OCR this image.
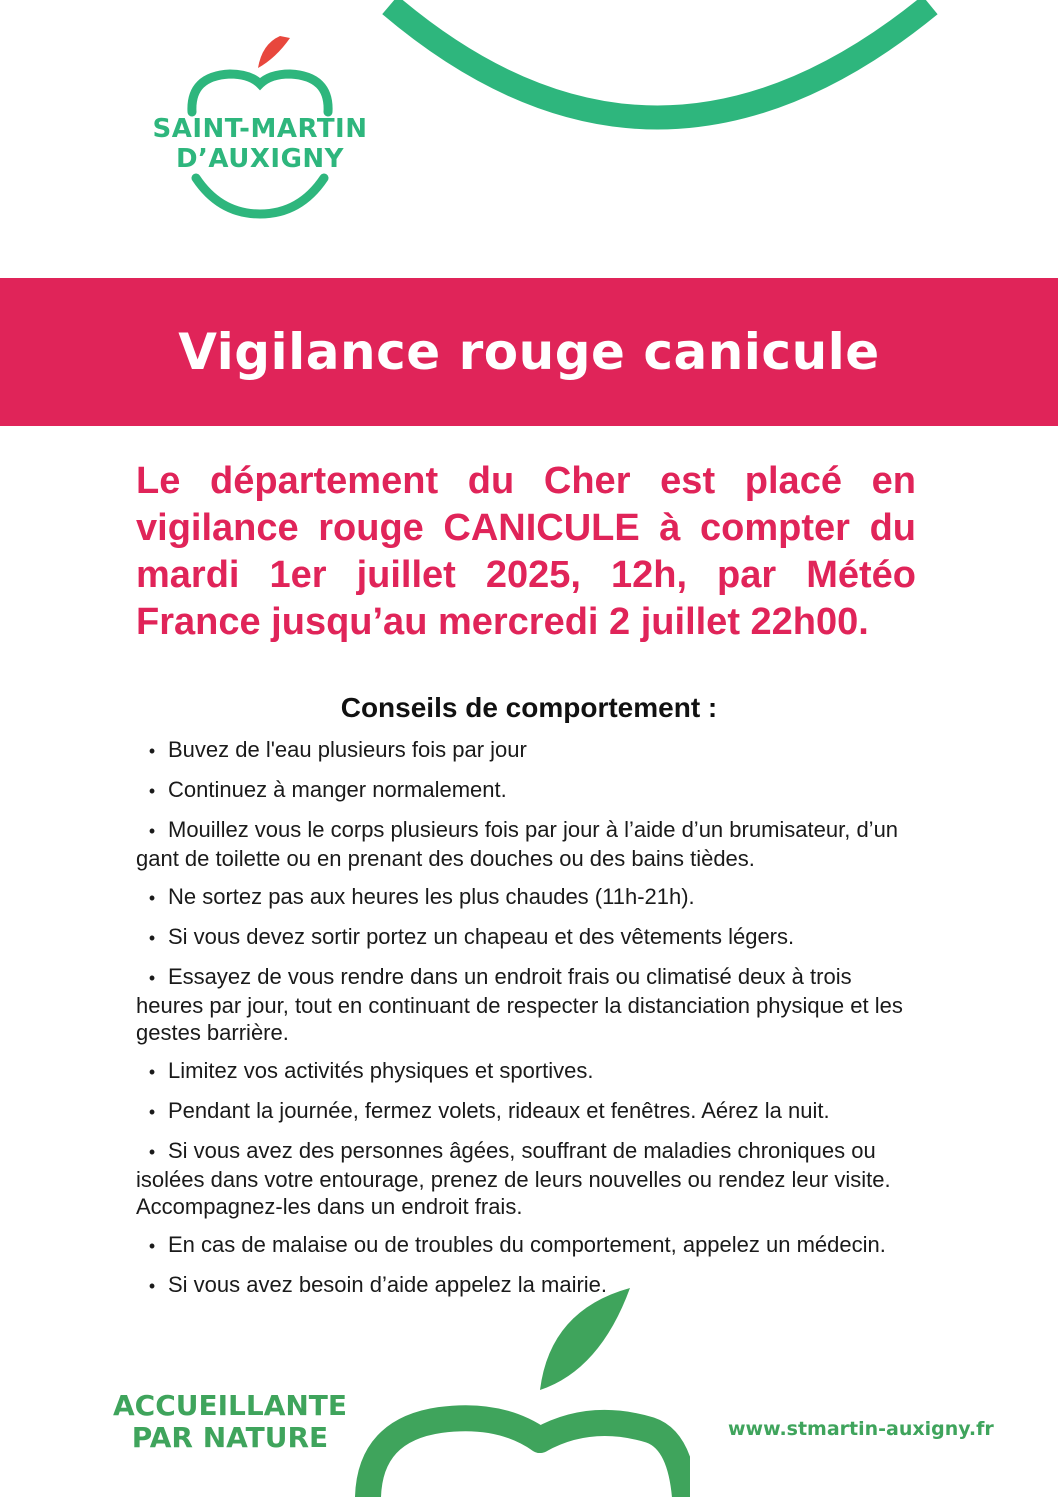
SAINT-MARTIN
D’AUXIGNY
Vigilance rouge canicule
Le département du Cher est placé en vigilance rouge CANICULE à compter du mardi 1er juillet 2025, 12h, par Météo France jusqu’au mercredi 2 juillet 22h00.
Conseils de comportement :
• Buvez de l'eau plusieurs fois par jour
• Continuez à manger normalement.
• Mouillez vous le corps plusieurs fois par jour à l’aide d’un brumisateur, d’un gant de toilette ou en prenant des douches ou des bains tièdes.
• Ne sortez pas aux heures les plus chaudes (11h-21h).
• Si vous devez sortir portez un chapeau et des vêtements légers.
• Essayez de vous rendre dans un endroit frais ou climatisé deux à trois heures par jour, tout en continuant de respecter la distanciation physique et les gestes barrière.
• Limitez vos activités physiques et sportives.
• Pendant la journée, fermez volets, rideaux et fenêtres. Aérez la nuit.
• Si vous avez des personnes âgées, souffrant de maladies chroniques ou isolées dans votre entourage, prenez de leurs nouvelles ou rendez leur visite. Accompagnez-les dans un endroit frais.
• En cas de malaise ou de troubles du comportement, appelez un médecin.
• Si vous avez besoin d’aide appelez la mairie.
ACCUEILLANTE
PAR NATURE	www.stmartin-auxigny.fr
